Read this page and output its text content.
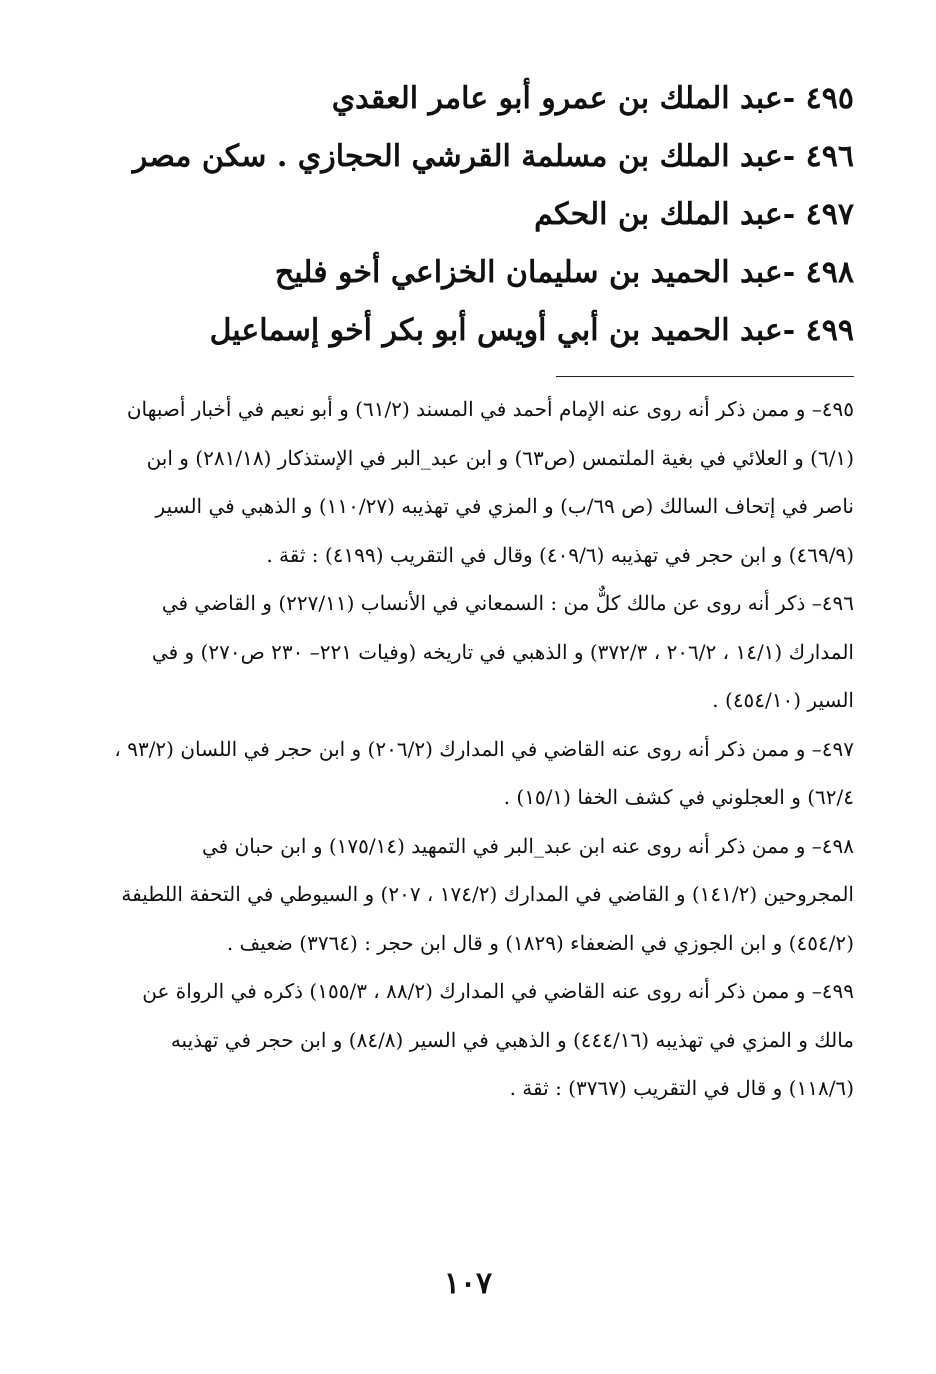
٤٩٥ -عبد الملك بن عمرو أبو عامر العقدي
٤٩٦ -عبد الملك بن مسلمة القرشي الحجازي . سكن مصر
٤٩٧ -عبد الملك بن الحكم
٤٩٨ -عبد الحميد بن سليمان الخزاعي أخو فليح
٤٩٩ -عبد الحميد بن أبي أويس أبو بكر أخو إسماعيل
٤٩٥– و ممن ذكر أنه روى عنه الإمام أحمد في المسند (٦١/٢) و أبو نعيم في أخبار أصبهان (٦/١) و العلائي في بغية الملتمس (ص٦٣) و ابن عبد_البر في الإستذكار (٢٨١/١٨) و ابن ناصر في إتحاف السالك (ص ٦٩/ب) و المزي في تهذيبه (١١٠/٢٧) و الذهبي في السير (٤٦٩/٩) و ابن حجر في تهذيبه (٤٠٩/٦) وقال في التقريب (٤١٩٩) : ثقة .
٤٩٦– ذكر أنه روى عن مالك كلٌّ من : السمعاني في الأنساب (٢٢٧/١١) و القاضي في المدارك (١٤/١ ، ٢٠٦/٢ ، ٣٧٢/٣) و الذهبي في تاريخه (وفيات ٢٢١– ٢٣٠ ص٢٧٠) و في السير (٤٥٤/١٠) .
٤٩٧– و ممن ذكر أنه روى عنه القاضي في المدارك (٢٠٦/٢) و ابن حجر في اللسان (٩٣/٢ ، ٦٢/٤) و العجلوني في كشف الخفا (١٥/١) .
٤٩٨– و ممن ذكر أنه روى عنه ابن عبد_البر في التمهيد (١٧٥/١٤) و ابن حبان في المجروحين (١٤١/٢) و القاضي في المدارك (١٧٤/٢ ، ٢٠٧) و السيوطي في التحفة اللطيفة (٤٥٤/٢) و ابن الجوزي في الضعفاء (١٨٢٩) و قال ابن حجر : (٣٧٦٤) ضعيف .
٤٩٩– و ممن ذكر أنه روى عنه القاضي في المدارك (٨٨/٢ ، ١٥٥/٣) ذكره في الرواة عن مالك و المزي في تهذيبه (٤٤٤/١٦) و الذهبي في السير (٨٤/٨) و ابن حجر في تهذيبه (١١٨/٦) و قال في التقريب (٣٧٦٧) : ثقة .
١٠٧
